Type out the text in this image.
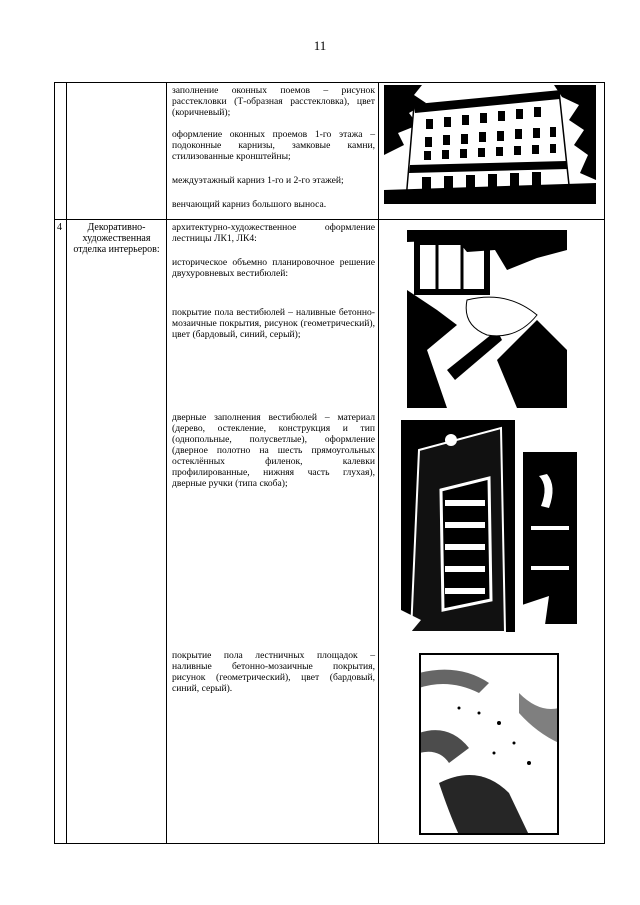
11

		заполнение оконных поемов – рисунок расстекловки (Т-образная расстекловка), цвет (коричневый);

оформление оконных проемов 1-го этажа – подоконные карнизы, замковые камни, стилизованные кронштейны;

междуэтажный карниз 1-го и 2-го этажей;

венчающий карниз большого выноса.

4	Декоративно-художественная отделка интерьеров:	архитектурно-художественное оформление лестницы ЛК1, ЛК4:

историческое объемно планировочное решение двухуровневых вестибюлей:

покрытие пола вестибюлей – наливные бетонно-мозаичные покрытия, рисунок (геометрический), цвет (бардовый, синий, серый);

дверные заполнения вестибюлей – материал (дерево, остекление, конструкция и тип (однопольные, полусветлые), оформление (дверное полотно на шесть прямоугольных остеклённых филенок, калевки профилированные, нижняя часть глухая), дверные ручки (типа скоба);

покрытие пола лестничных площадок – наливные бетонно-мозаичные покрытия, рисунок (геометрический), цвет (бардовый, синий, серый).
